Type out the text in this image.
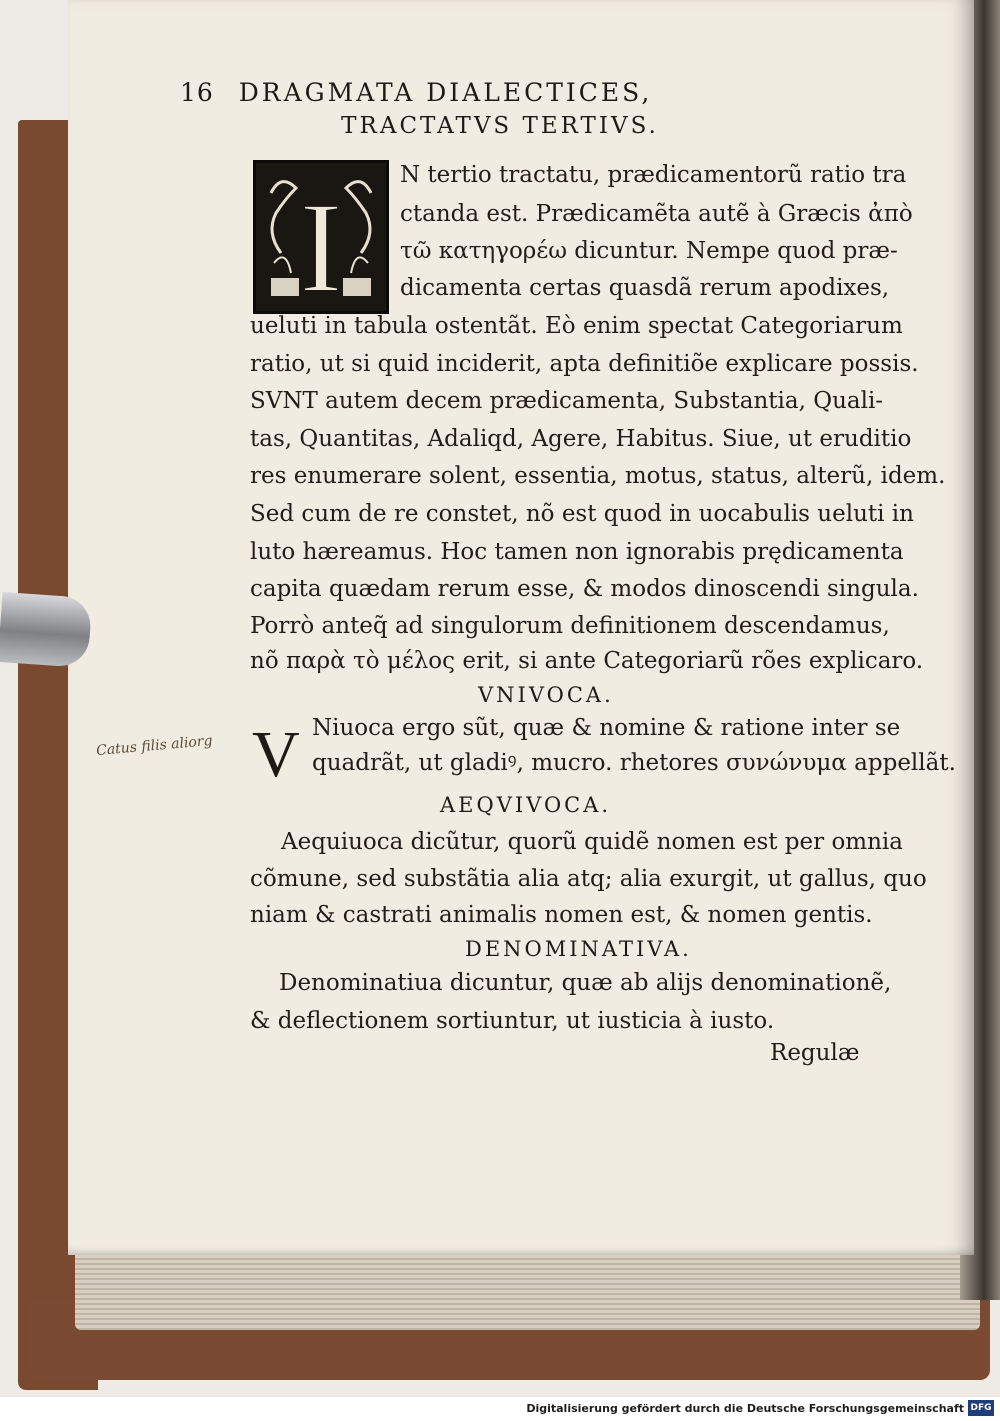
16 DRAGMATA DIALECTICES,
TRACTATVS TERTIVS.
I
N tertio tractatu, prædicamentorũ ratio tra
ctanda est. Prædicamẽta autẽ à Græcis ἀπὸ
τῶ κατηγορέω dicuntur. Nempe quod præ-
dicamenta certas quasdã rerum apodixes,
ueluti in tabula ostentãt. Eò enim spectat Categoriarum
ratio, ut si quid inciderit, apta definitiõe explicare possis.
SVNT autem decem prædicamenta, Substantia, Quali-
tas, Quantitas, Adaliqd, Agere, Habitus. Siue, ut eruditio
res enumerare solent, essentia, motus, status, alterũ, idem.
Sed cum de re constet, nõ est quod in uocabulis ueluti in
luto hæreamus. Hoc tamen non ignorabis prędicamenta
capita quædam rerum esse, & modos dinoscendi singula.
Porrò anteq̃ ad singulorum definitionem descendamus,
nõ παρὰ τὸ μέλος erit, si ante Categoriarũ rões explicaro.
VNIVOCA.
V Niuoca ergo sũt, quæ & nomine & ratione inter se
quadrãt, ut gladiꝰ, mucro. rhetores συνώνυμα appellãt.
Catus filis aliorg
AEQVIVOCA.
Aequiuoca dicũtur, quorũ quidẽ nomen est per omnia
cõmune, sed substãtia alia atq; alia exurgit, ut gallus, quo
niam & castrati animalis nomen est, & nomen gentis.
DENOMINATIVA.
Denominatiua dicuntur, quæ ab alijs denominationẽ,
& deflectionem sortiuntur, ut iusticia à iusto.
Regulæ
Digitalisierung gefördert durch die Deutsche Forschungsgemeinschaft DFG
